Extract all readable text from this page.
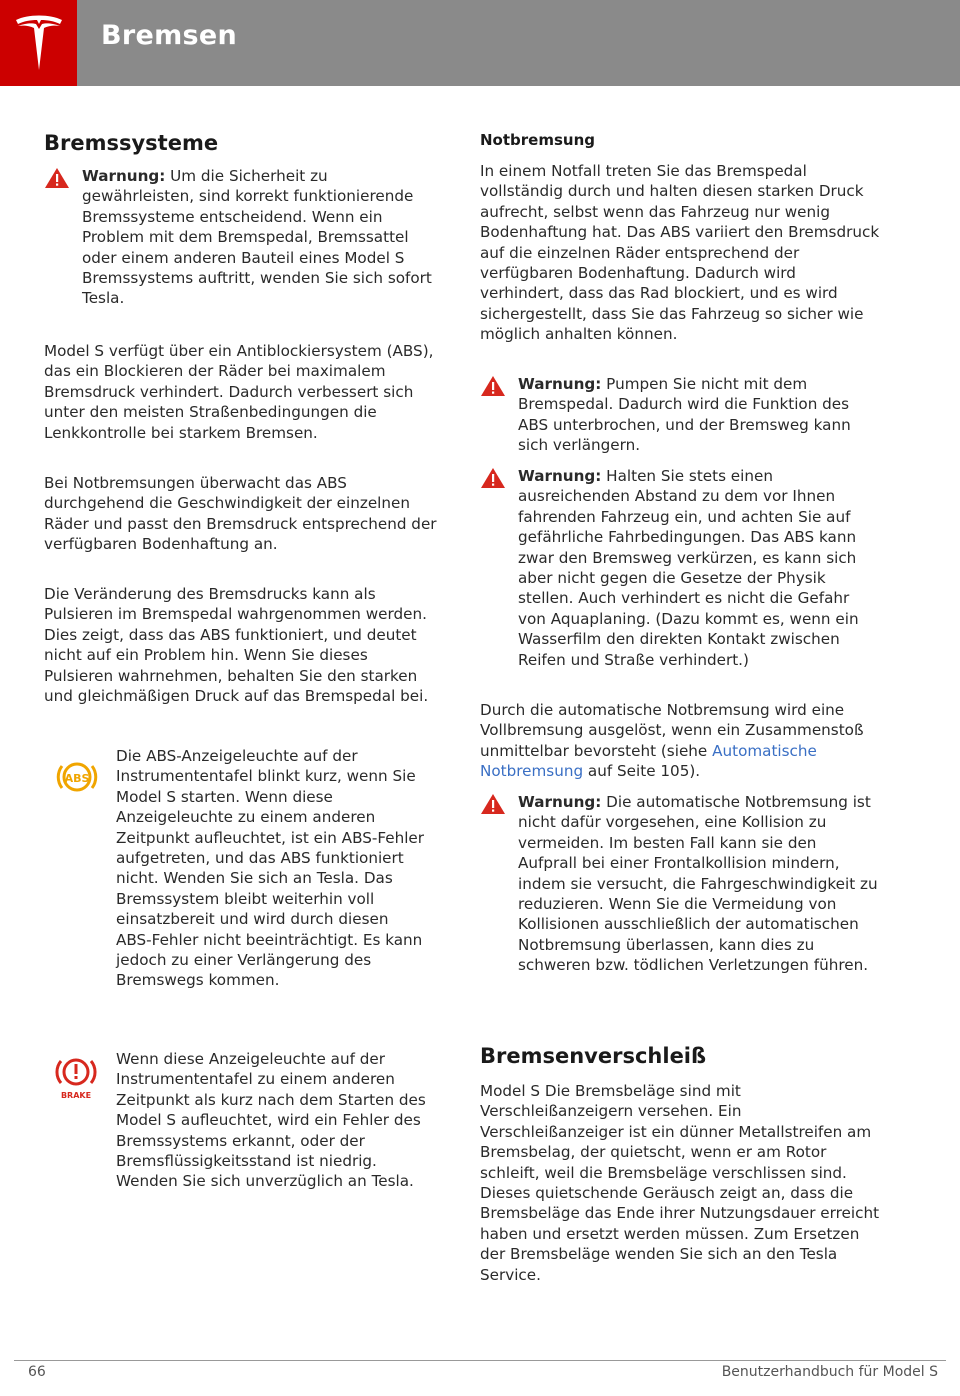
Bremsen
Bremssysteme
Warnung: Um die Sicherheit zu gewährleisten, sind korrekt funktionierende Bremssysteme entscheidend. Wenn ein Problem mit dem Bremspedal, Bremssattel oder einem anderen Bauteil eines Model S Bremssystems auftritt, wenden Sie sich sofort Tesla.

Model S verfügt über ein Antiblockiersystem (ABS), das ein Blockieren der Räder bei maximalem Bremsdruck verhindert. Dadurch verbessert sich unter den meisten Straßenbedingungen die Lenkkontrolle bei starkem Bremsen.

Bei Notbremsungen überwacht das ABS durchgehend die Geschwindigkeit der einzelnen Räder und passt den Bremsdruck entsprechend der verfügbaren Bodenhaftung an.

Die Veränderung des Bremsdrucks kann als Pulsieren im Bremspedal wahrgenommen werden. Dies zeigt, dass das ABS funktioniert, und deutet nicht auf ein Problem hin. Wenn Sie dieses Pulsieren wahrnehmen, behalten Sie den starken und gleichmäßigen Druck auf das Bremspedal bei.

ABS
Die ABS-Anzeigeleuchte auf der Instrumententafel blinkt kurz, wenn Sie Model S starten. Wenn diese Anzeigeleuchte zu einem anderen Zeitpunkt aufleuchtet, ist ein ABS-Fehler aufgetreten, und das ABS funktioniert nicht. Wenden Sie sich an Tesla. Das Bremssystem bleibt weiterhin voll einsatzbereit und wird durch diesen ABS-Fehler nicht beeinträchtigt. Es kann jedoch zu einer Verlängerung des Bremswegs kommen.
BRAKE
Wenn diese Anzeigeleuchte auf der Instrumententafel zu einem anderen Zeitpunkt als kurz nach dem Starten des Model S aufleuchtet, wird ein Fehler des Bremssystems erkannt, oder der Bremsflüssigkeitsstand ist niedrig. Wenden Sie sich unverzüglich an Tesla.
Notbremsung

In einem Notfall treten Sie das Bremspedal vollständig durch und halten diesen starken Druck aufrecht, selbst wenn das Fahrzeug nur wenig Bodenhaftung hat. Das ABS variiert den Bremsdruck auf die einzelnen Räder entsprechend der verfügbaren Bodenhaftung. Dadurch wird verhindert, dass das Rad blockiert, und es wird sichergestellt, dass Sie das Fahrzeug so sicher wie möglich anhalten können.

Warnung: Pumpen Sie nicht mit dem Bremspedal. Dadurch wird die Funktion des ABS unterbrochen, und der Bremsweg kann sich verlängern.
Warnung: Halten Sie stets einen ausreichenden Abstand zu dem vor Ihnen fahrenden Fahrzeug ein, und achten Sie auf gefährliche Fahrbedingungen. Das ABS kann zwar den Bremsweg verkürzen, es kann sich aber nicht gegen die Gesetze der Physik stellen. Auch verhindert es nicht die Gefahr von Aquaplaning. (Dazu kommt es, wenn ein Wasserfilm den direkten Kontakt zwischen Reifen und Straße verhindert.)

Durch die automatische Notbremsung wird eine Vollbremsung ausgelöst, wenn ein Zusammenstoß unmittelbar bevorsteht (siehe Automatische Notbremsung auf Seite 105).

Warnung: Die automatische Notbremsung ist nicht dafür vorgesehen, eine Kollision zu vermeiden. Im besten Fall kann sie den Aufprall bei einer Frontalkollision mindern, indem sie versucht, die Fahrgeschwindigkeit zu reduzieren. Wenn Sie die Vermeidung von Kollisionen ausschließlich der automatischen Notbremsung überlassen, kann dies zu schweren bzw. tödlichen Verletzungen führen.
Bremsenverschleiß

Model S Die Bremsbeläge sind mit Verschleißanzeigern versehen. Ein Verschleißanzeiger ist ein dünner Metallstreifen am Bremsbelag, der quietscht, wenn er am Rotor schleift, weil die Bremsbeläge verschlissen sind. Dieses quietschende Geräusch zeigt an, dass die Bremsbeläge das Ende ihrer Nutzungsdauer erreicht haben und ersetzt werden müssen. Zum Ersetzen der Bremsbeläge wenden Sie sich an den Tesla Service.

66	Benutzerhandbuch für Model S
